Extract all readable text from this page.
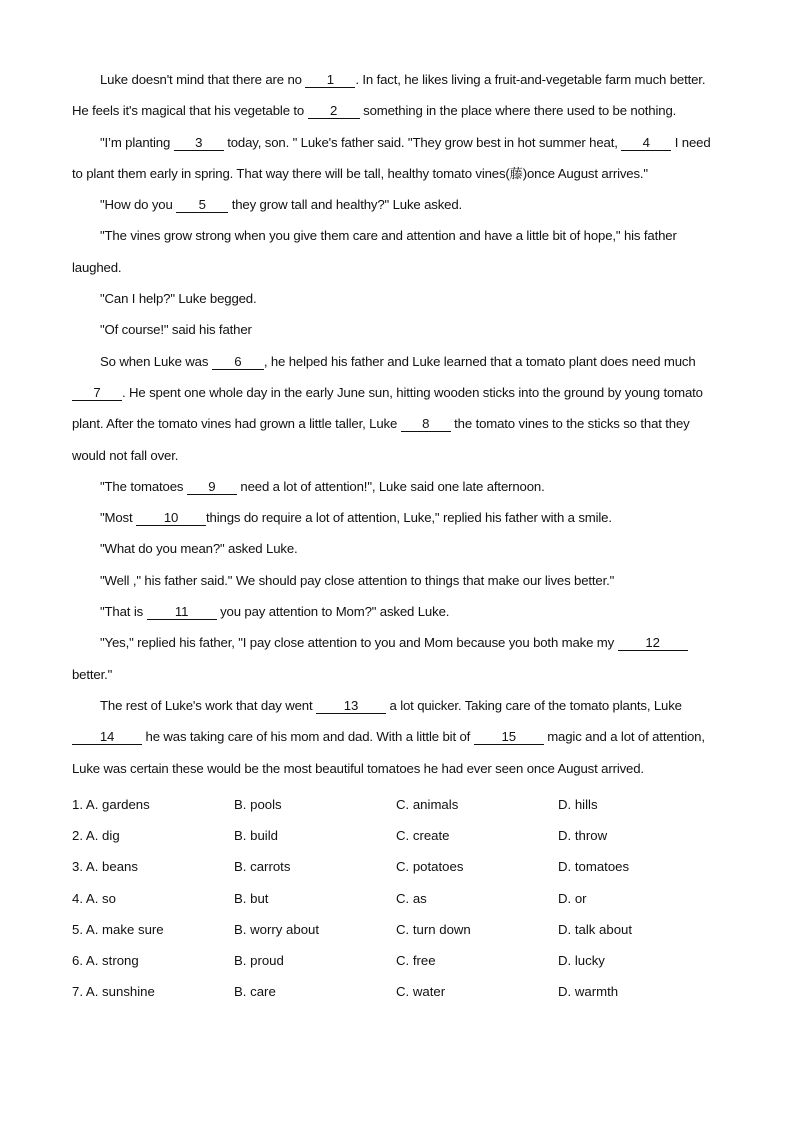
Luke doesn't mind that there are no 1 . In fact, he likes living a fruit-and-vegetable farm much better. He feels it's magical that his vegetable to 2 something in the place where there used to be nothing.

"I’m planting 3 today, son. " Luke's father said. "They grow best in hot summer heat, 4 I need to plant them early in spring. That way there will be tall, healthy tomato vines(藤)once August arrives."

"How do you 5 they grow tall and healthy?" Luke asked.

"The vines grow strong when you give them care and attention and have a little bit of hope," his father laughed.

"Can I help?" Luke begged.

"Of course!" said his father

So when Luke was 6 , he helped his father and Luke learned that a tomato plant does need much 7 . He spent one whole day in the early June sun, hitting wooden sticks into the ground by young tomato plant. After the tomato vines had grown a little taller, Luke 8 the tomato vines to the sticks so that they would not fall over.

"The tomatoes 9 need a lot of attention!", Luke said one late afternoon.

"Most 10 things do require a lot of attention, Luke," replied his father with a smile.

"What do you mean?" asked Luke.

"Well ," his father said." We should pay close attention to things that make our lives better."

"That is 11 you pay attention to Mom?" asked Luke.

"Yes," replied his father, "I pay close attention to you and Mom because you both make my 12better."

The rest of Luke's work that day went 13 a lot quicker. Taking care of the tomato plants, Luke 14 he was taking care of his mom and dad. With a little bit of 15 magic and a lot of attention, Luke was certain these would be the most beautiful tomatoes he had ever seen once August arrived.

1. A. gardens	B. pools	C. animals	D. hills
2. A. dig	B. build	C. create	D. throw
3. A. beans	B. carrots	C. potatoes	D. tomatoes
4. A. so	B. but	C. as	D. or
5. A. make sure	B. worry about	C. turn down	D. talk about
6. A. strong	B. proud	C. free	D. lucky
7. A. sunshine	B. care	C. water	D. warmth
